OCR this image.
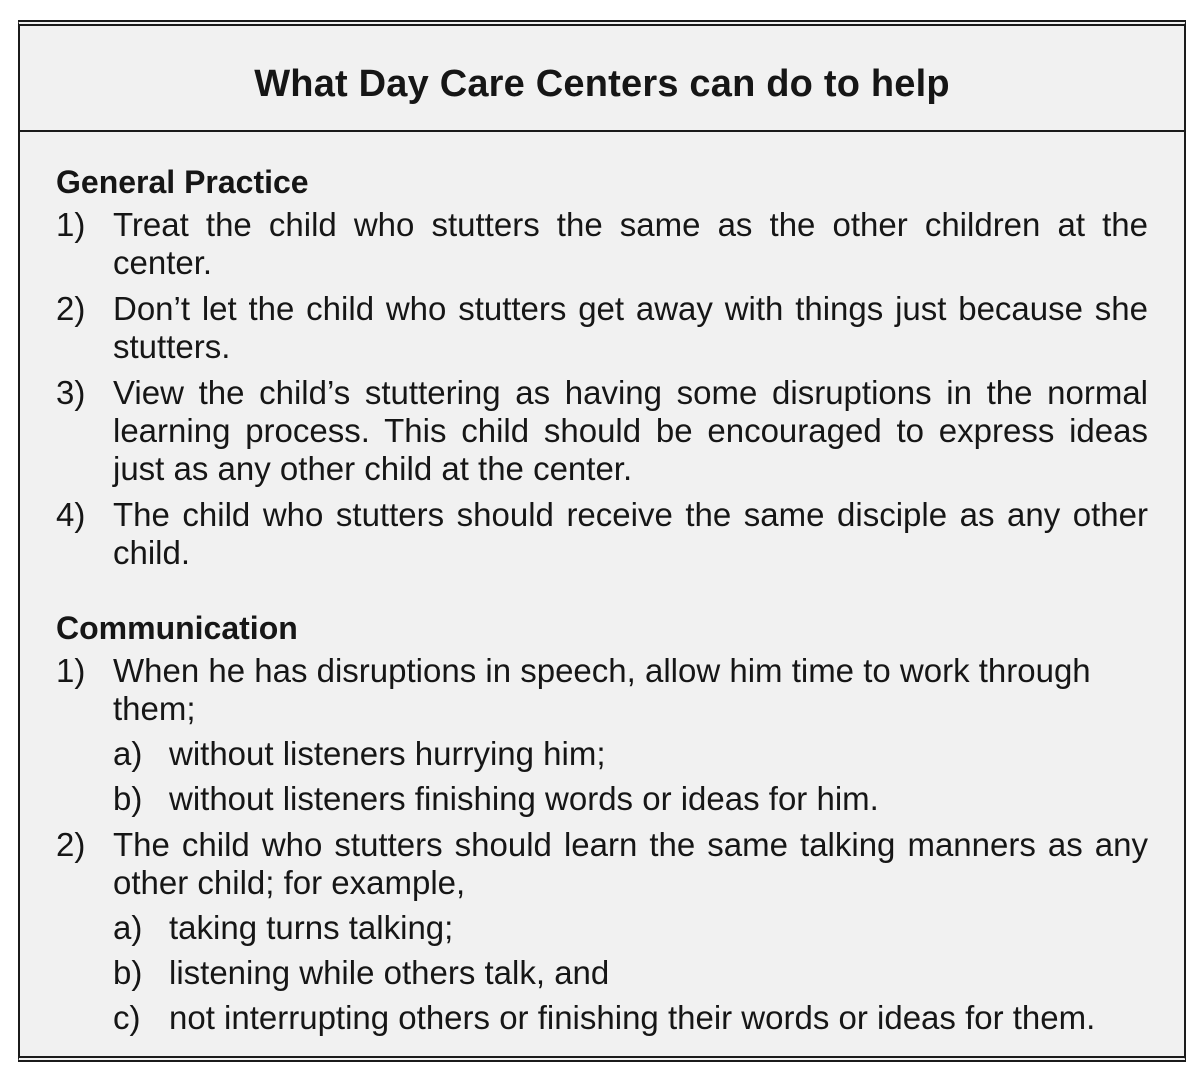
What Day Care Centers can do to help
General Practice
1) Treat the child who stutters the same as the other children at the center.
2) Don’t let the child who stutters get away with things just because she stutters.
3) View the child’s stuttering as having some disruptions in the normal learning process. This child should be encouraged to express ideas just as any other child at the center.
4) The child who stutters should receive the same disciple as any other child.
Communication
1) When he has disruptions in speech, allow him time to work through them;
a) without listeners hurrying him;
b) without listeners finishing words or ideas for him.
2) The child who stutters should learn the same talking manners as any other child; for example,
a) taking turns talking;
b) listening while others talk, and
c) not interrupting others or finishing their words or ideas for them.
